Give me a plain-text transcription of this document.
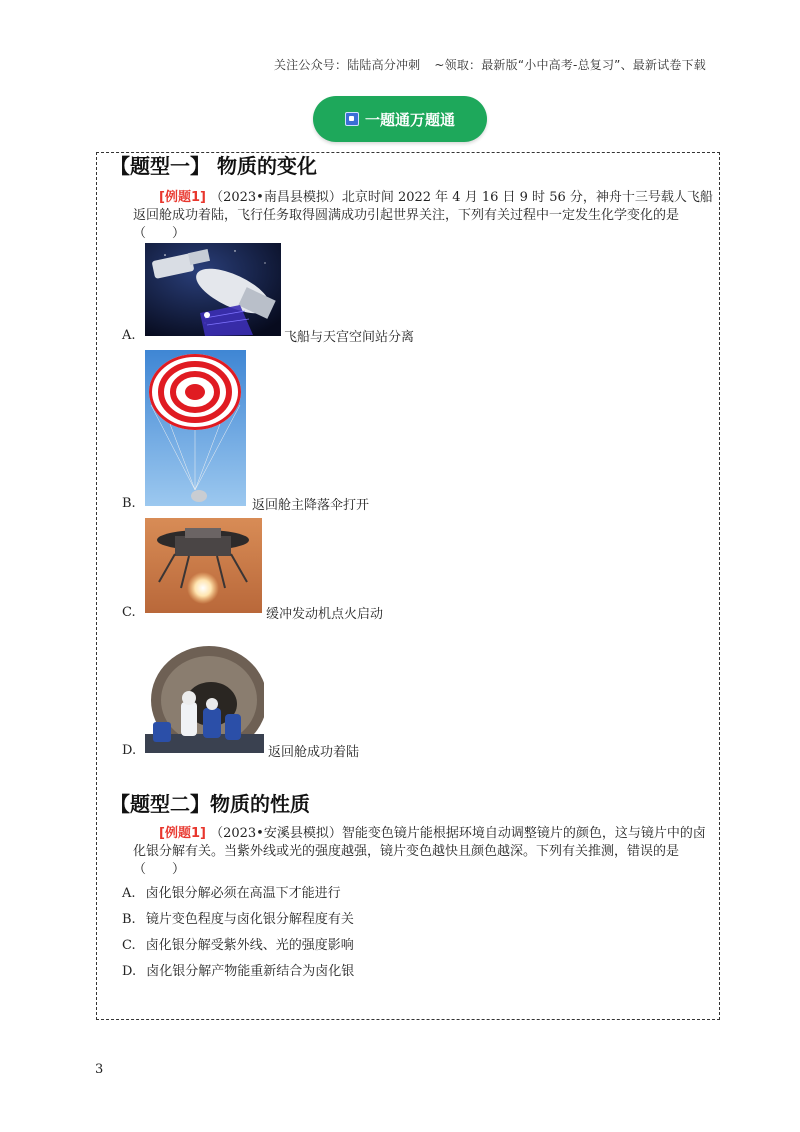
关注公众号：陆陆高分冲刺 ~领取：最新版“小中高考-总复习”、最新试卷下载
一题通万题通
【题型一】 物质的变化
[例题1] （2023•南昌县模拟）北京时间 2022 年 4 月 16 日 9 时 56 分，神舟十三号载人飞船返回舱成功着陆，飞行任务取得圆满成功引起世界关注，下列有关过程中一定发生化学变化的是（　　）
A.	飞船与天宫空间站分离
B.	返回舱主降落伞打开
C.	缓冲发动机点火启动
D.	返回舱成功着陆
【题型二】物质的性质
[例题1] （2023•安溪县模拟）智能变色镜片能根据环境自动调整镜片的颜色，这与镜片中的卤化银分解有关。当紫外线或光的强度越强，镜片变色越快且颜色越深。下列有关推测，错误的是（　　）
A. 卤化银分解必须在高温下才能进行
B. 镜片变色程度与卤化银分解程度有关
C. 卤化银分解受紫外线、光的强度影响
D. 卤化银分解产物能重新结合为卤化银
3
